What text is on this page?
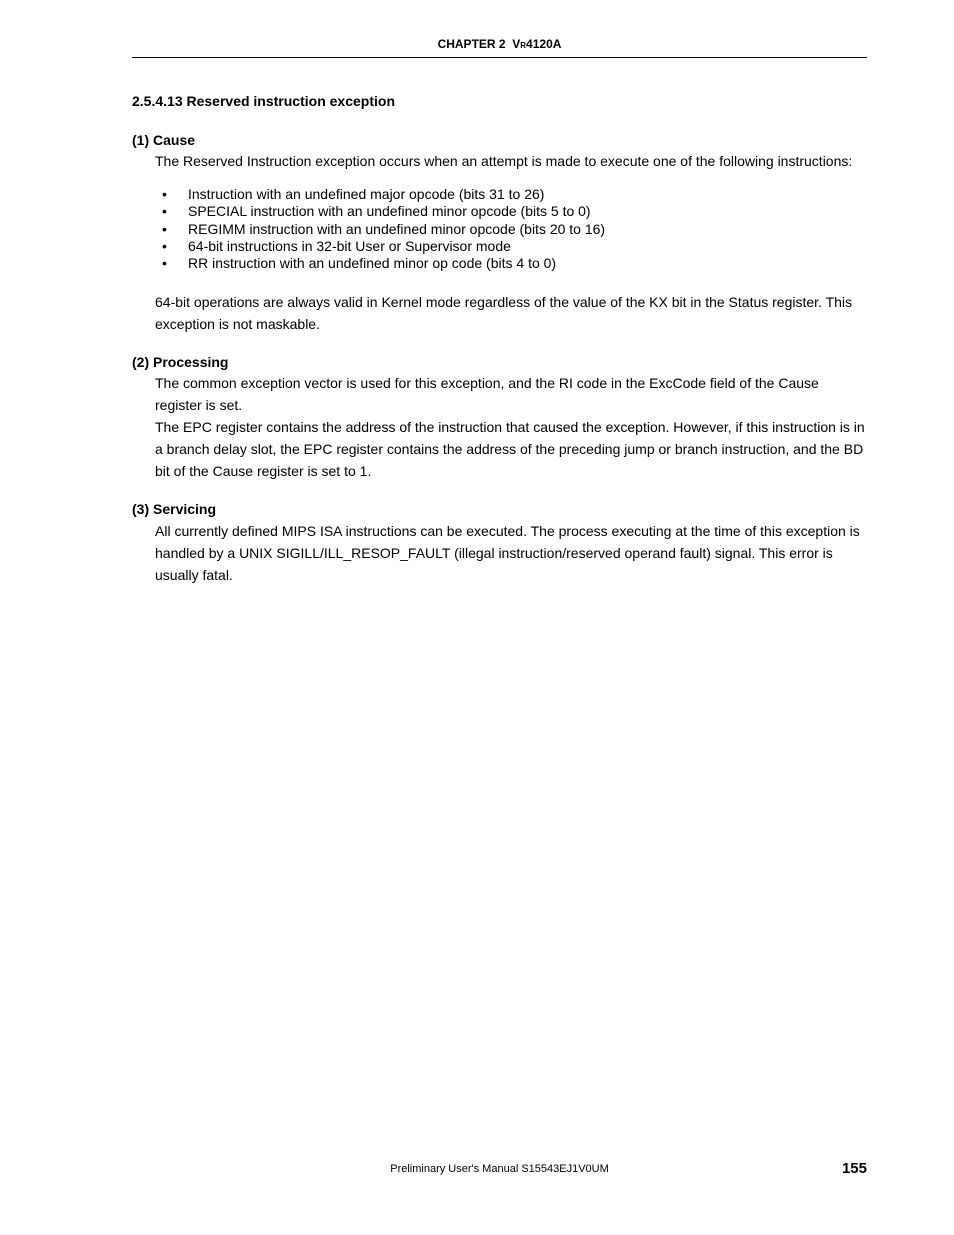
CHAPTER 2 VR4120A
2.5.4.13 Reserved instruction exception
(1) Cause
The Reserved Instruction exception occurs when an attempt is made to execute one of the following instructions:
• Instruction with an undefined major opcode (bits 31 to 26)
• SPECIAL instruction with an undefined minor opcode (bits 5 to 0)
• REGIMM instruction with an undefined minor opcode (bits 20 to 16)
• 64-bit instructions in 32-bit User or Supervisor mode
• RR instruction with an undefined minor op code (bits 4 to 0)
64-bit operations are always valid in Kernel mode regardless of the value of the KX bit in the Status register. This exception is not maskable.
(2) Processing
The common exception vector is used for this exception, and the RI code in the ExcCode field of the Cause register is set.
The EPC register contains the address of the instruction that caused the exception. However, if this instruction is in a branch delay slot, the EPC register contains the address of the preceding jump or branch instruction, and the BD bit of the Cause register is set to 1.
(3) Servicing
All currently defined MIPS ISA instructions can be executed. The process executing at the time of this exception is handled by a UNIX SIGILL/ILL_RESOP_FAULT (illegal instruction/reserved operand fault) signal. This error is usually fatal.
Preliminary User's Manual S15543EJ1V0UM	155
